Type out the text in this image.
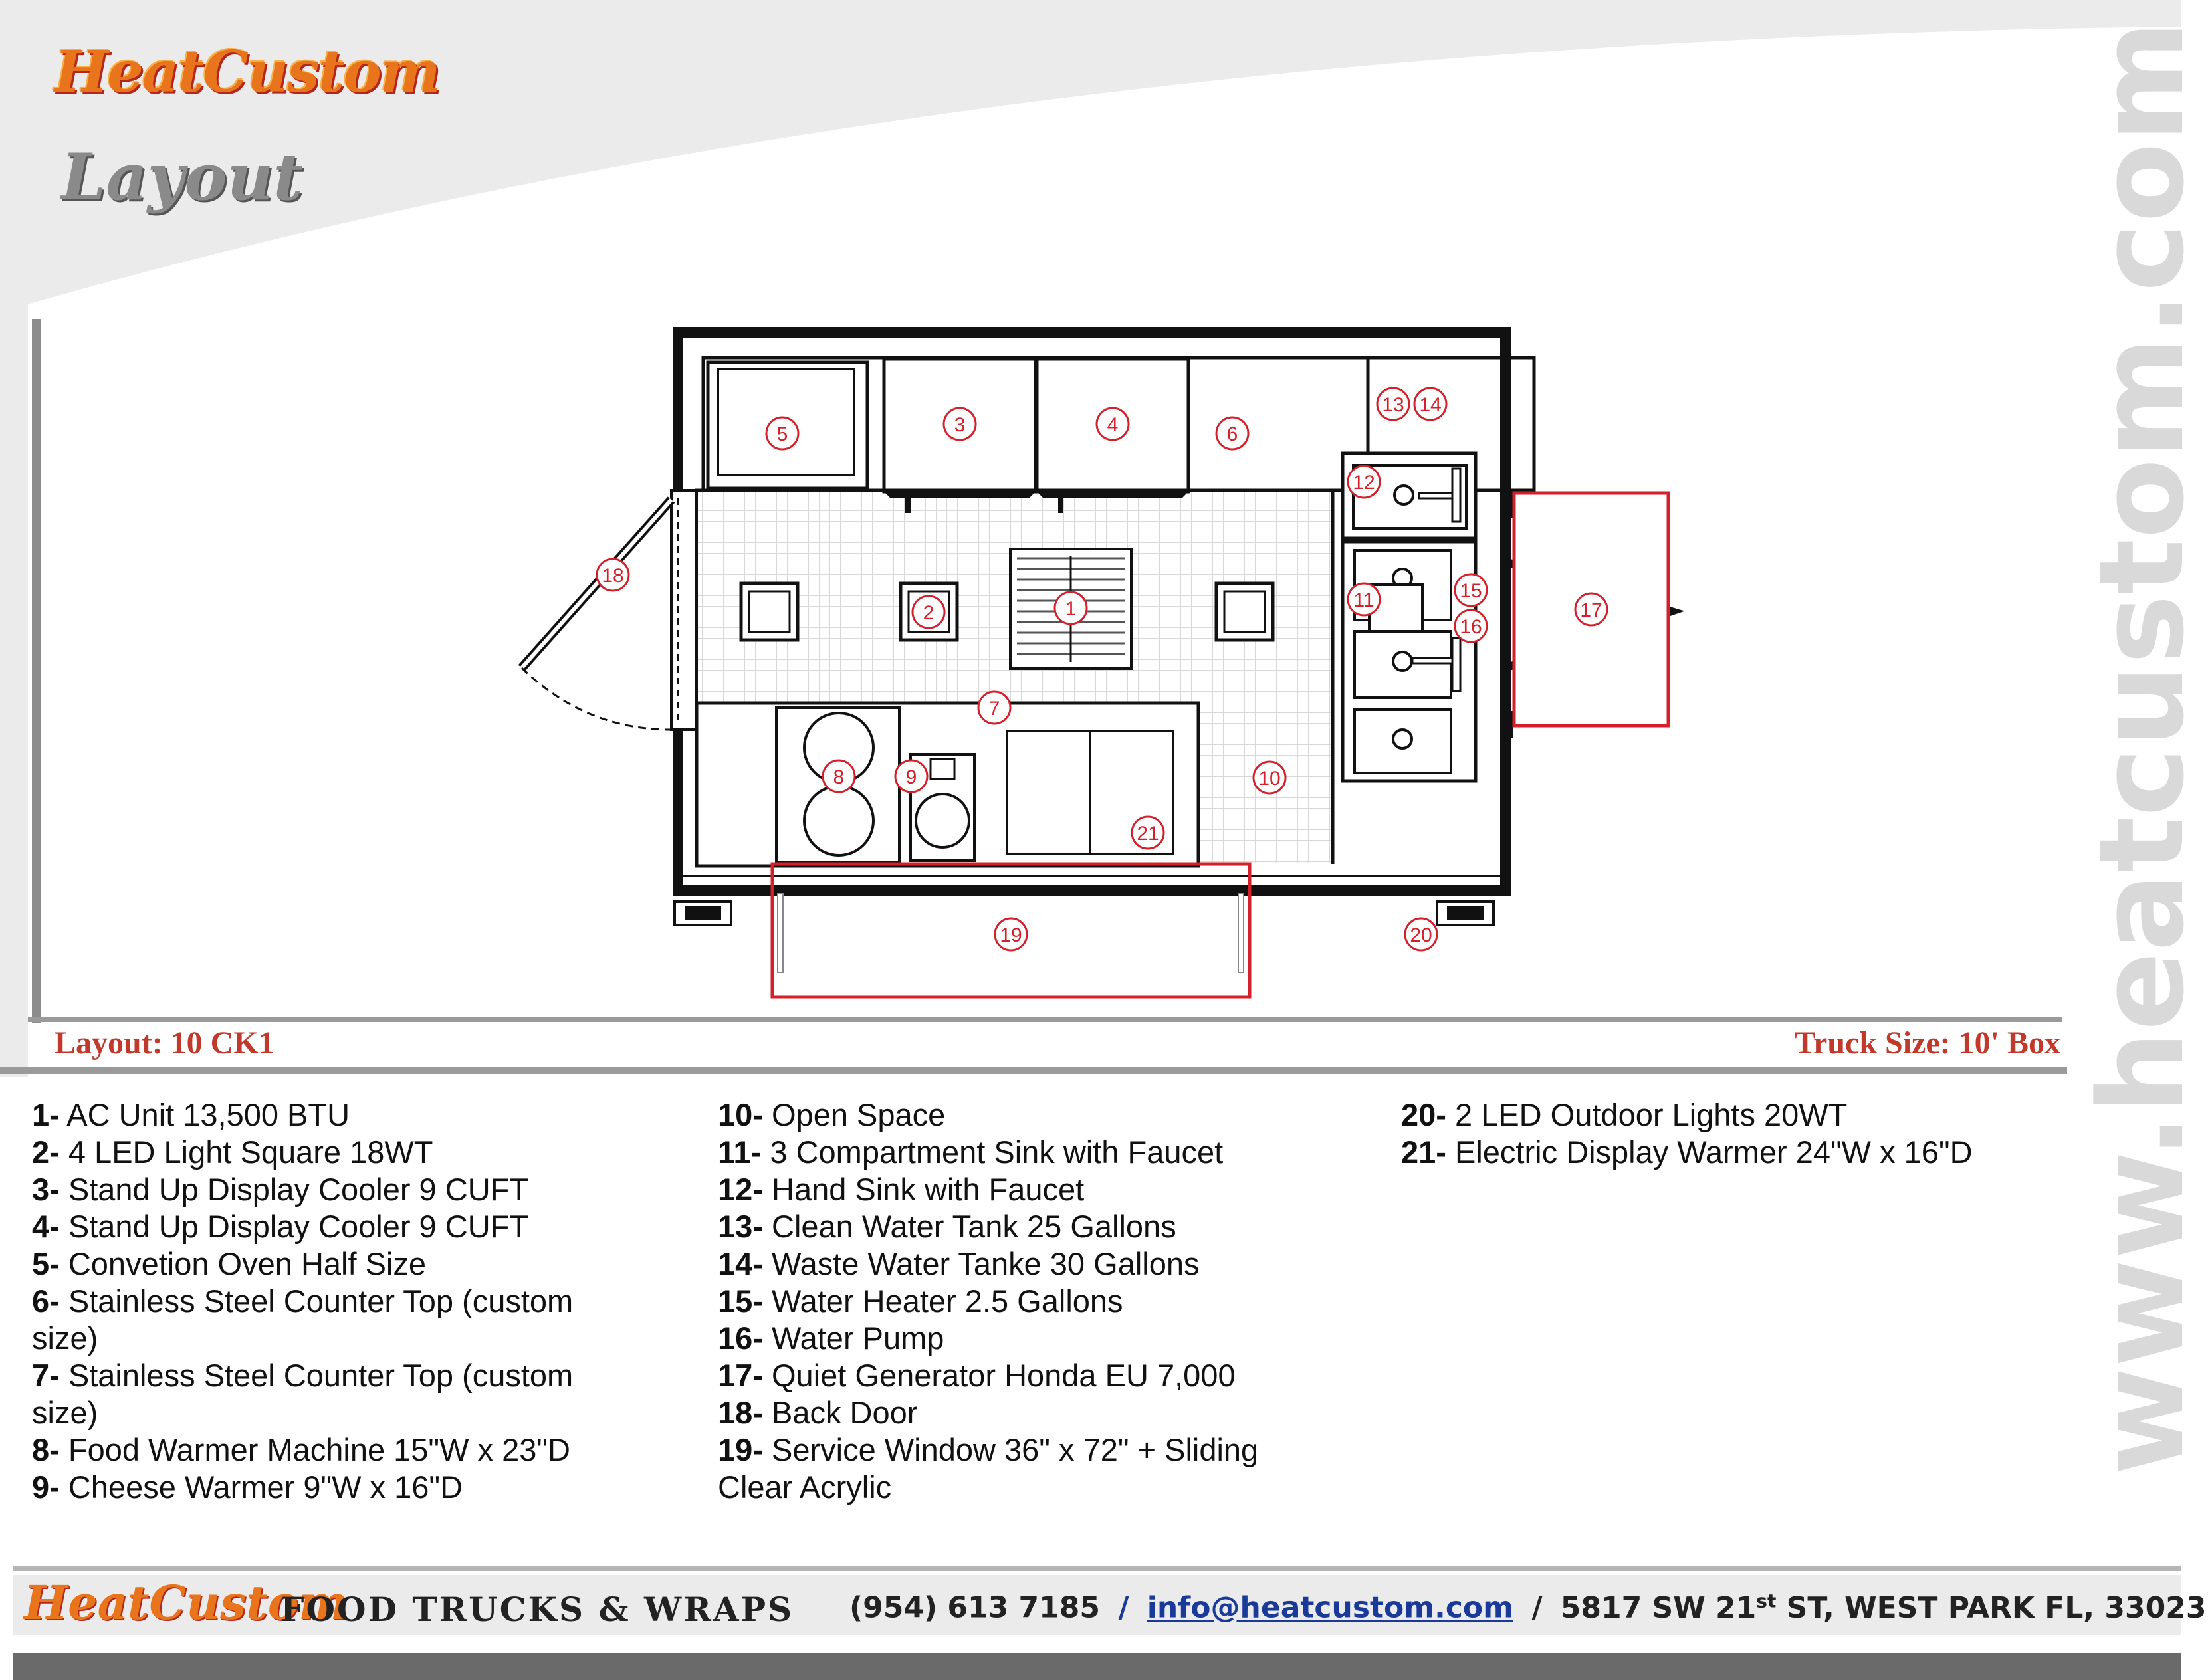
1
2
3	4
5	6
7
8	9	10
11
12
13 14
15
16
17
18
19	20
21
HeatCustom
Layout	www.heatcustom.com
Layout: 10 CK1	Truck Size: 10' Box
1- AC Unit 13,500 BTU
2- 4 LED Light Square 18WT
3- Stand Up Display Cooler 9 CUFT
4- Stand Up Display Cooler 9 CUFT
5- Convetion Oven Half Size
6- Stainless Steel Counter Top (custom size)
7- Stainless Steel Counter Top (custom size)
8- Food Warmer Machine 15"W x 23"D
9- Cheese Warmer 9"W x 16"D
10- Open Space
11- 3 Compartment Sink with Faucet
12- Hand Sink with Faucet
13- Clean Water Tank 25 Gallons
14- Waste Water Tanke 30 Gallons
15- Water Heater 2.5 Gallons
16- Water Pump
17- Quiet Generator Honda EU 7,000
18- Back Door
19- Service Window 36" x 72" + Sliding Clear Acrylic
20- 2 LED Outdoor Lights 20WT
21- Electric Display Warmer 24"W x 16"D
HeatCustom
FOOD TRUCKS & WRAPS (954) 613 7185 / info@heatcustom.com / 5817 SW 21st ST, WEST PARK FL, 33023
